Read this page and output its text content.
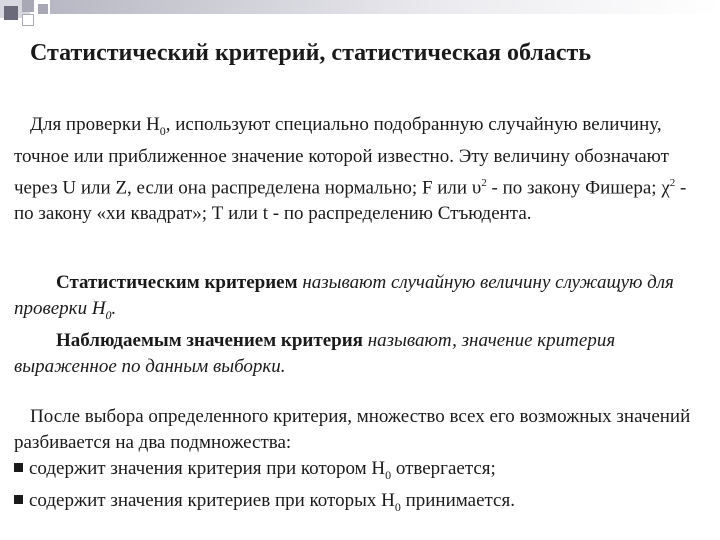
Статистический критерий, статистическая область
Для проверки $Н_0$, используют специально подобранную случайную величину, точное или приближенное значение которой известно. Эту величину обозначают через U или Z, если она распределена нормально; F или $\upsilon^2$ - по закону Фишера; $\chi^2$ - по закону «хи квадрат»; Т или t - по распределению Стъюдента.
Статистическим критерием называют случайную величину служащую для проверки $Н_0$.
Наблюдаемым значением критерия называют, значение критерия выраженное по данным выборки.
После выбора определенного критерия, множество всех его возможных значений разбивается на два подмножества:
содержит значения критерия при котором $Н_0$ отвергается;
содержит значения критериев при которых $Н_0$ принимается.
